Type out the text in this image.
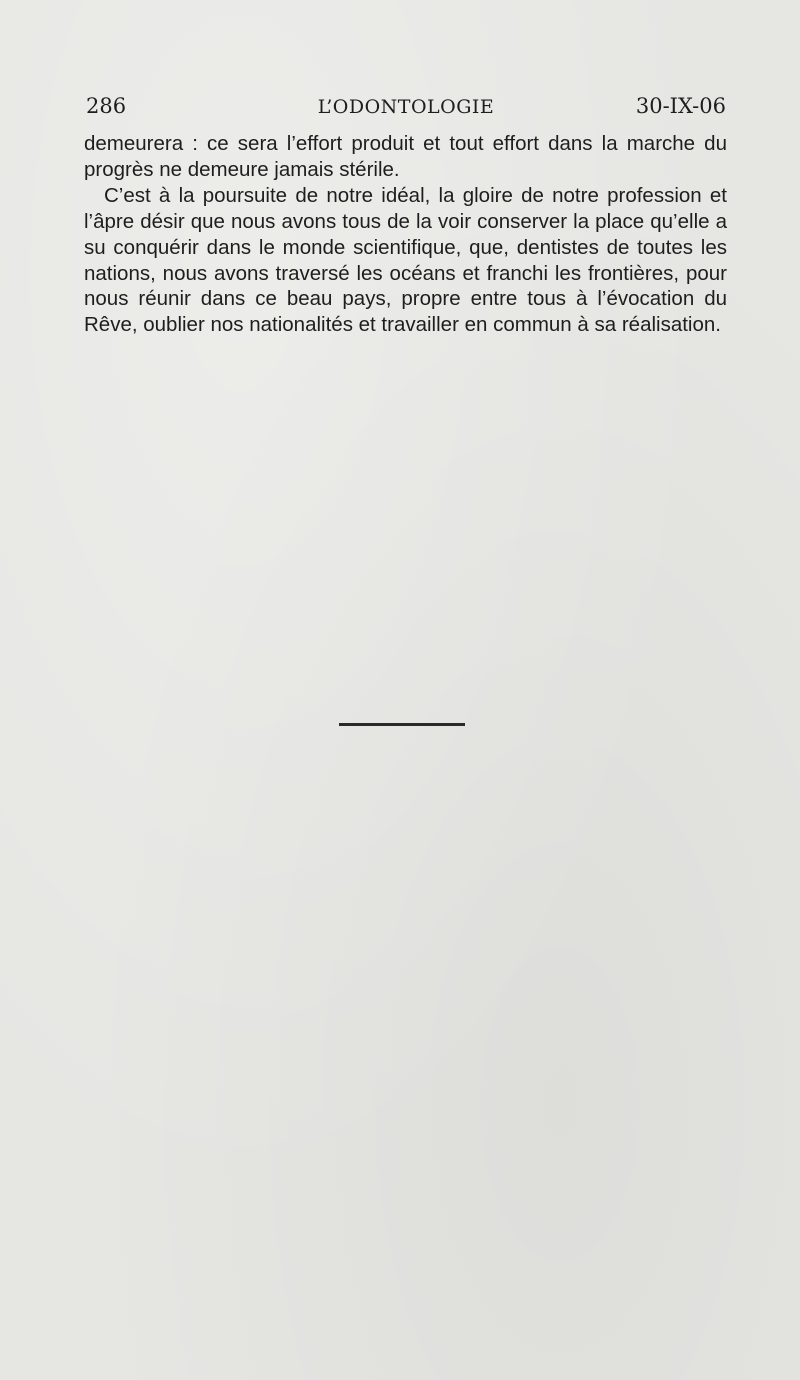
286	L’ODONTOLOGIE	30-IX-06

demeurera : ce sera l’effort produit et tout effort dans la marche du progrès ne demeure jamais stérile.

C’est à la poursuite de notre idéal, la gloire de notre profession et l’âpre désir que nous avons tous de la voir conserver la place qu’elle a su conquérir dans le monde scientifique, que, dentistes de toutes les nations, nous avons traversé les océans et franchi les frontières, pour nous réunir dans ce beau pays, propre entre tous à l’évocation du Rêve, oublier nos nationalités et travailler en commun à sa réalisation.
